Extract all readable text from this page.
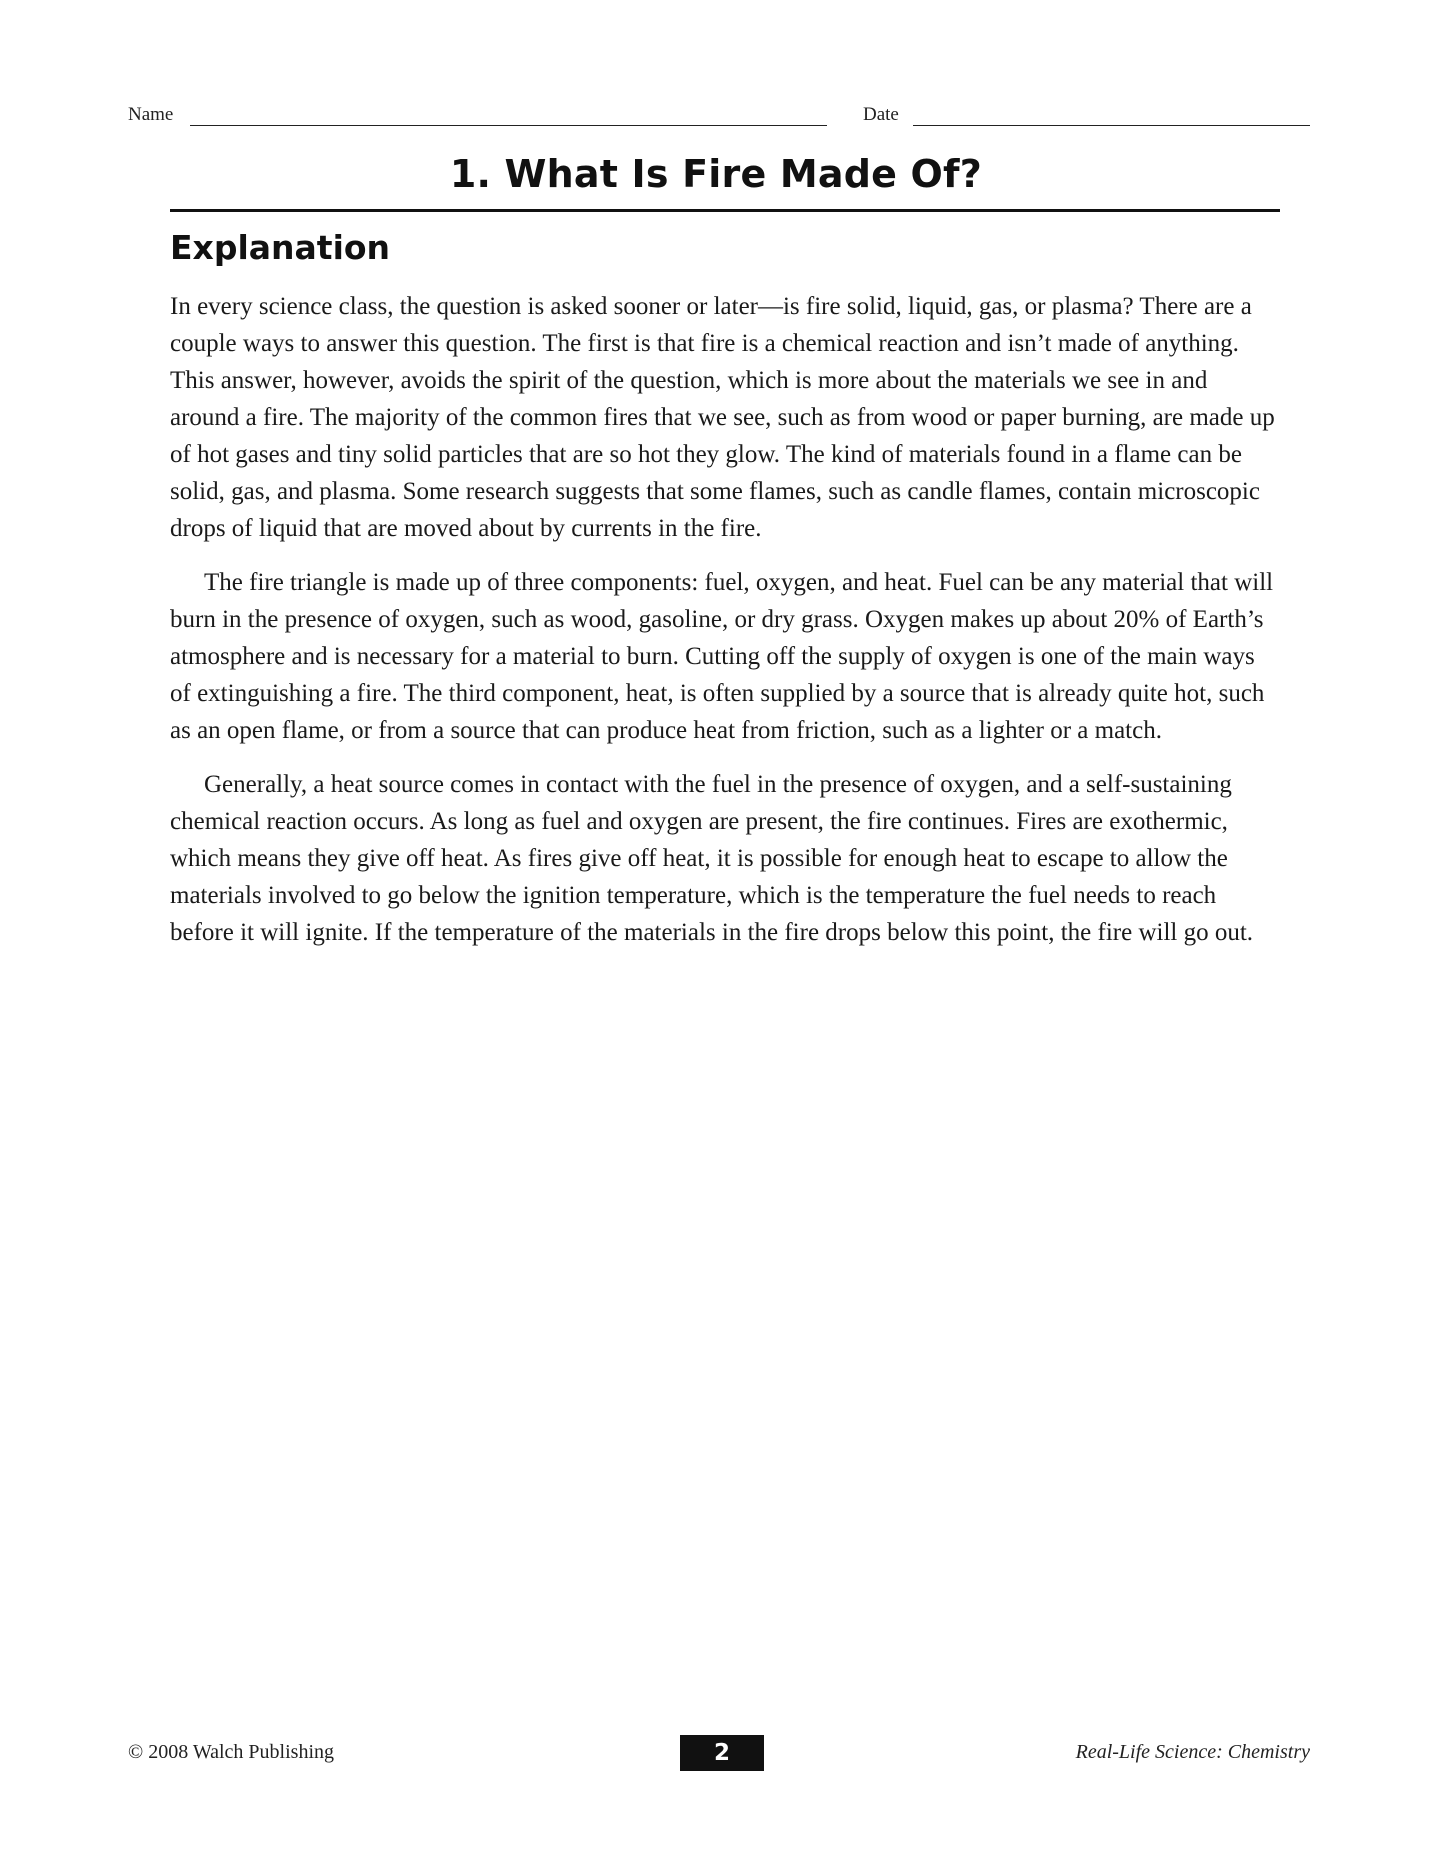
Name	Date
1. What Is Fire Made Of?
Explanation

In every science class, the question is asked sooner or later—is fire solid, liquid, gas, or plasma? There are a couple ways to answer this question. The first is that fire is a chemical reaction and isn’t made of anything. This answer, however, avoids the spirit of the question, which is more about the materials we see in and around a fire. The majority of the common fires that we see, such as from wood or paper burning, are made up of hot gases and tiny solid particles that are so hot they glow. The kind of materials found in a flame can be solid, gas, and plasma. Some research suggests that some flames, such as candle flames, contain microscopic drops of liquid that are moved about by currents in the fire.

The fire triangle is made up of three components: fuel, oxygen, and heat. Fuel can be any material that will burn in the presence of oxygen, such as wood, gasoline, or dry grass. Oxygen makes up about 20% of Earth’s atmosphere and is necessary for a material to burn. Cutting off the supply of oxygen is one of the main ways of extinguishing a fire. The third component, heat, is often supplied by a source that is already quite hot, such as an open flame, or from a source that can produce heat from friction, such as a lighter or a match.

Generally, a heat source comes in contact with the fuel in the presence of oxygen, and a self-sustaining chemical reaction occurs. As long as fuel and oxygen are present, the fire continues. Fires are exothermic, which means they give off heat. As fires give off heat, it is possible for enough heat to escape to allow the materials involved to go below the ignition temperature, which is the temperature the fuel needs to reach before it will ignite. If the temperature of the materials in the fire drops below this point, the fire will go out.

© 2008 Walch Publishing	2	Real-Life Science: Chemistry
